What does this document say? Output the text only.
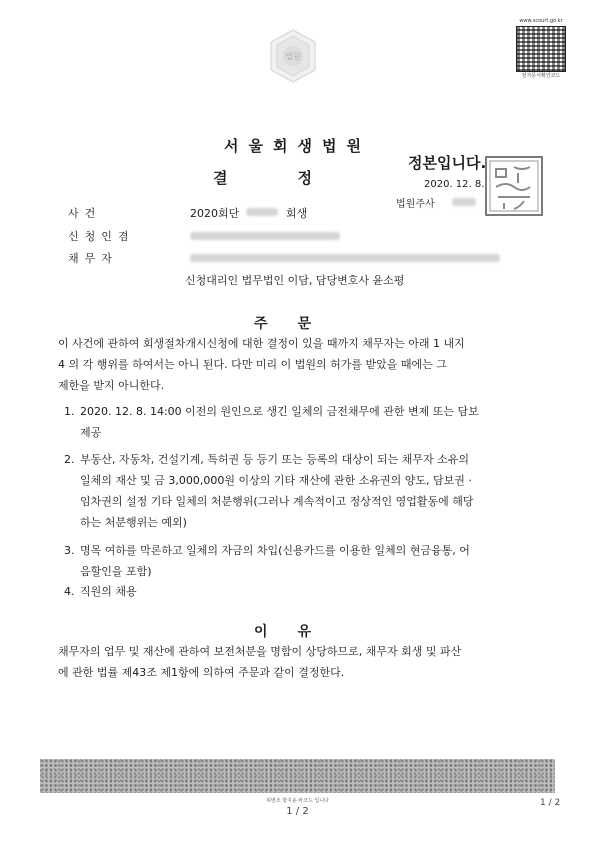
법원
www.scourt.go.kr
전자문서확인코드
서울회생법원
결정
정본입니다.
2020. 12. 8.
법원주사
사건	2020회단	회생
신청인겸
채무자
신청대리인 법무법인 이담, 담당변호사 윤소평
주문
이 사건에 관하여 회생절차개시신청에 대한 결정이 있을 때까지 채무자는 아래 1 내지
4 의 각 행위를 하여서는 아니 된다. 다만 미리 이 법원의 허가를 받았을 때에는 그
제한을 받지 아니한다.
1. 2020. 12. 8. 14:00 이전의 원인으로 생긴 일체의 금전채무에 관한 변제 또는 담보
제공
2. 부동산, 자동차, 건설기계, 특허권 등 등기 또는 등록의 대상이 되는 채무자 소유의
일체의 재산 및 금 3,000,000원 이상의 기타 재산에 관한 소유권의 양도, 담보권 ·
임차권의 설정 기타 일체의 처분행위(그러나 계속적이고 정상적인 영업활동에 해당
하는 처분행위는 예외)
3. 명목 여하를 막론하고 일체의 자금의 차입(신용카드를 이용한 일체의 현금융통, 어
음할인을 포함)
4. 직원의 채용
이유
채무자의 업무 및 재산에 관하여 보전처분을 명함이 상당하므로, 채무자 회생 및 파산
에 관한 법률 제43조 제1항에 의하여 주문과 같이 결정한다.
위변조 방지용 바코드 입니다
1 / 2
1 / 2
